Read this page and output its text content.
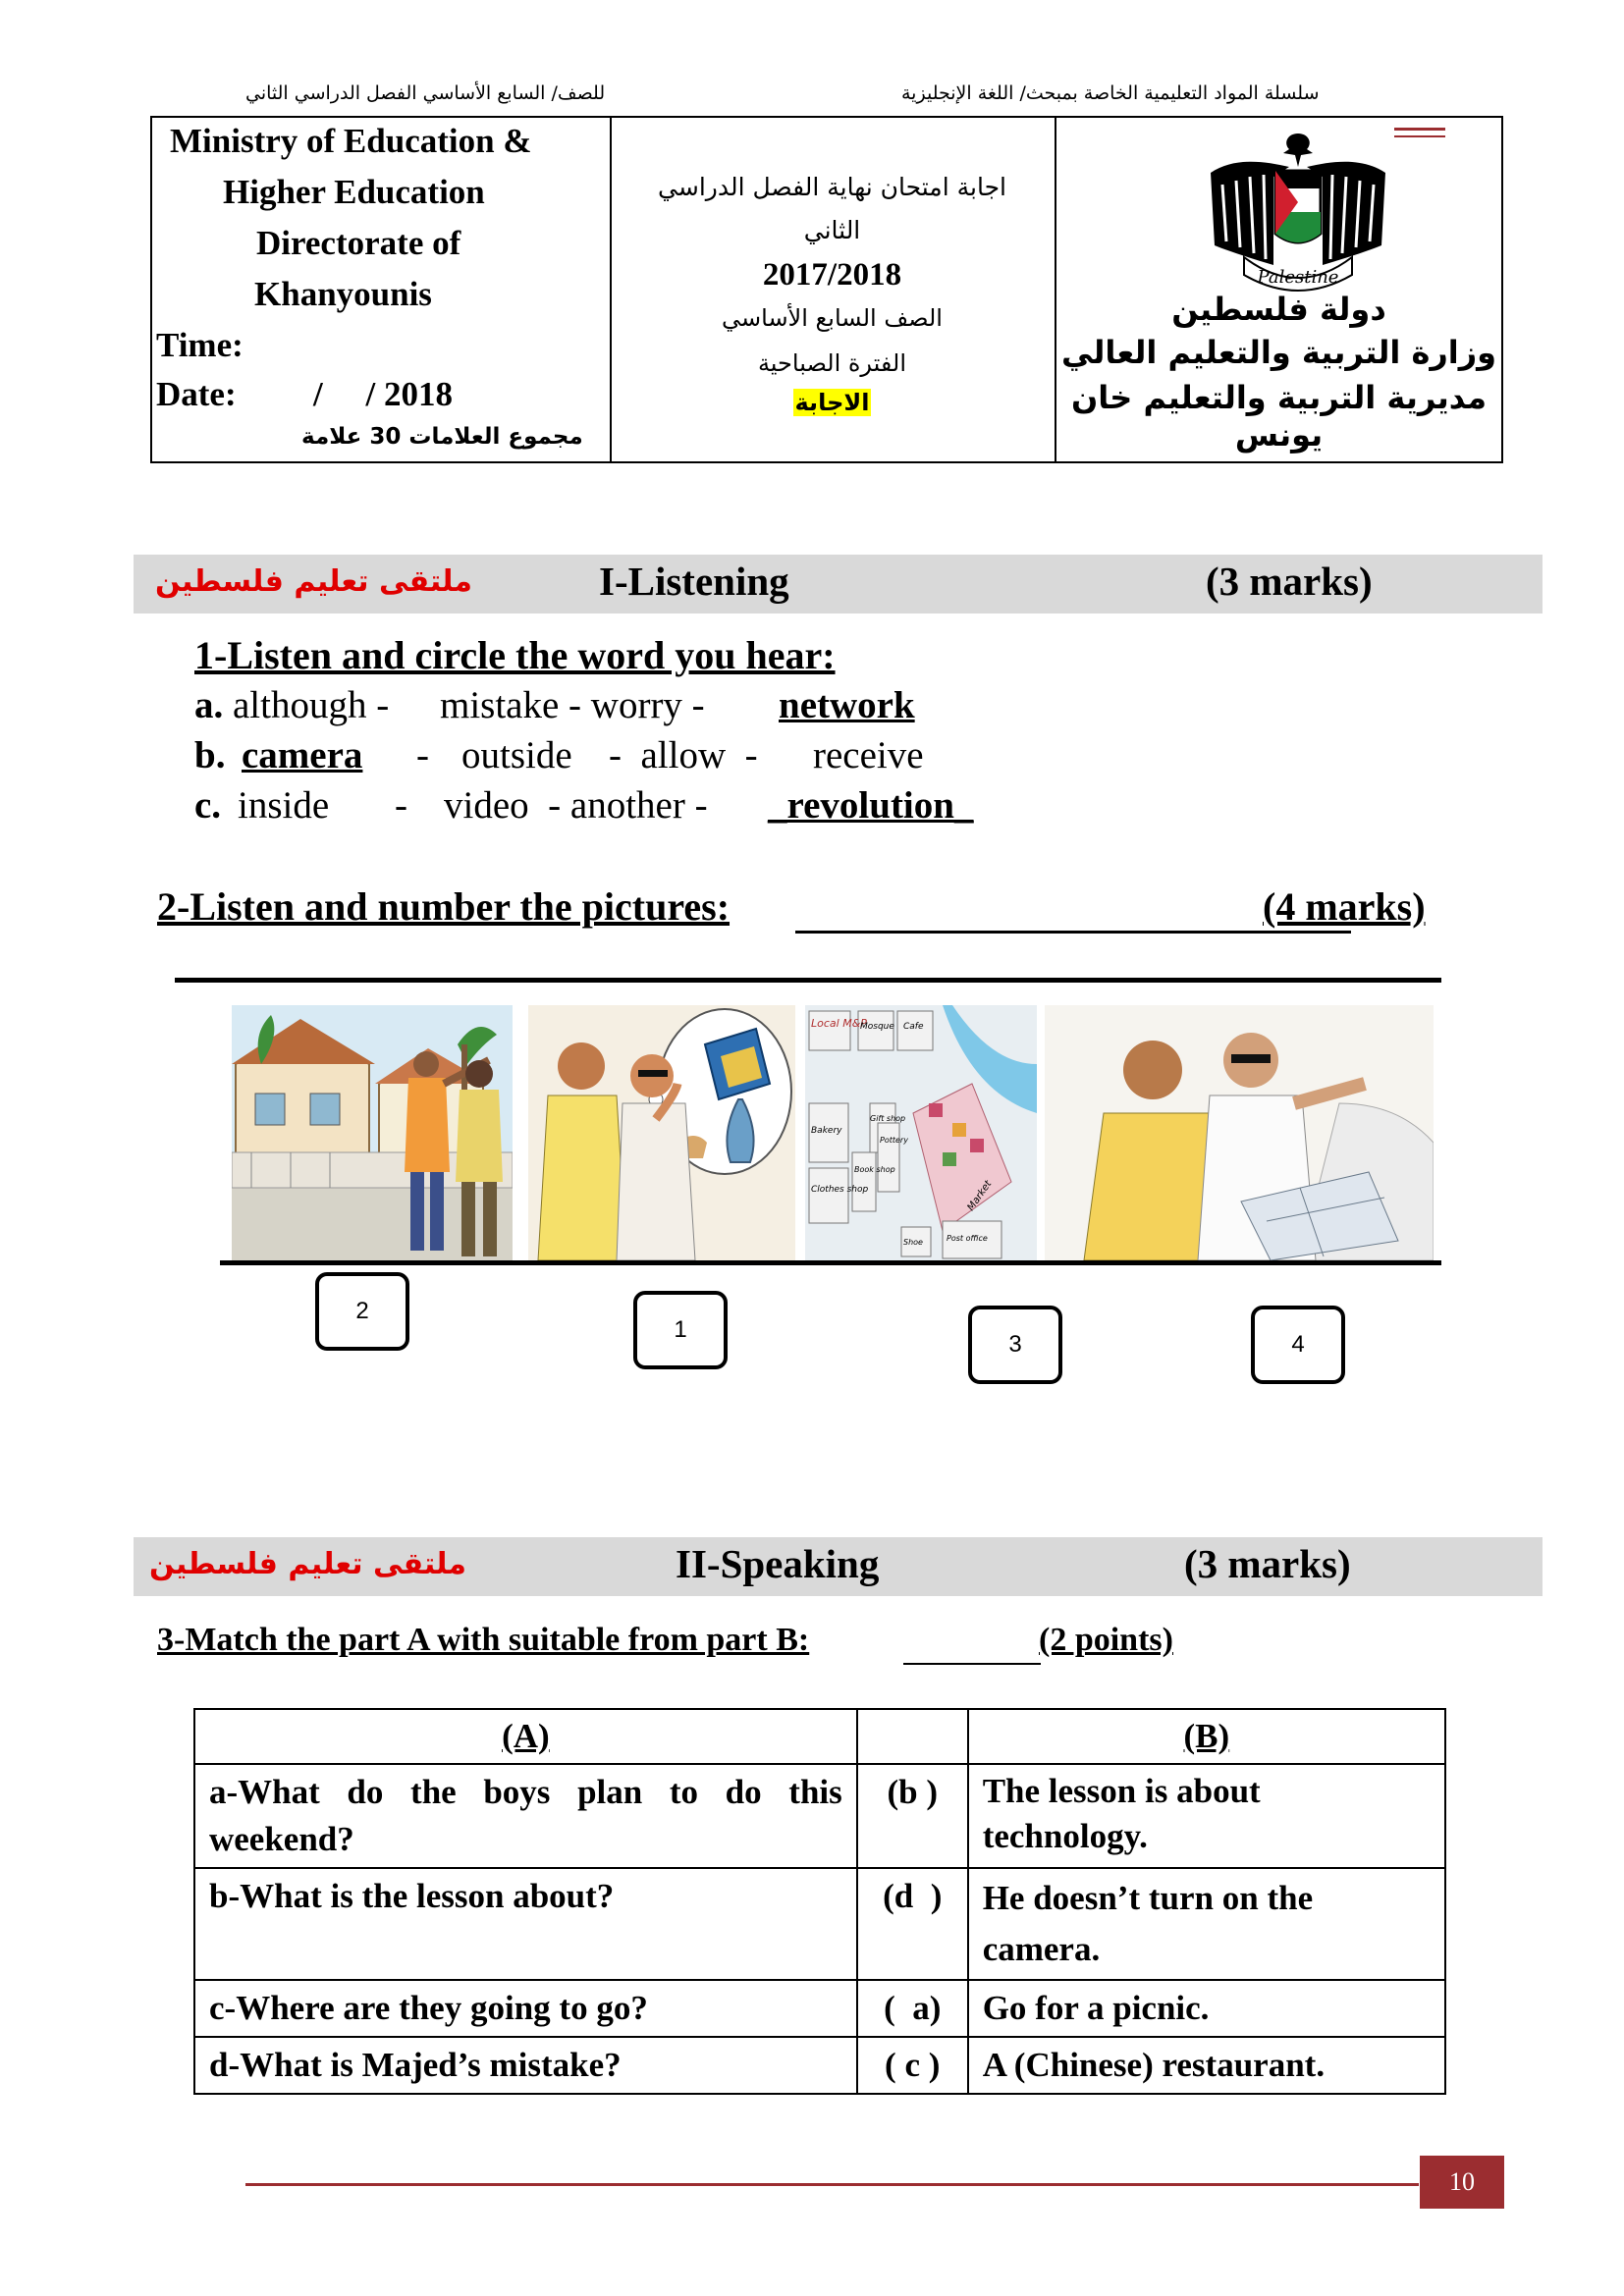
للصف/ السابع الأساسي الفصل الدراسي الثاني	سلسلة المواد التعليمية الخاصة بمبحث/ اللغة الإنجليزية
Ministry of Education &
Higher Education
Directorate of
Khanyounis
Time:
Date: /     / 2018
مجموع العلامات 30 علامة
اجابة امتحان نهاية الفصل الدراسي
الثاني
2017/2018
الصف السابع الأساسي
الفترة الصباحية
الاجابة
Palestine
دولة فلسطين
وزارة التربية والتعليم العالي
مديرية التربية والتعليم خان يونس
ملتقى تعليم فلسطين	I-Listening	(3 marks)
1-Listen and circle the word you hear:
a. although - mistake - worry - network
b. camera - outside -  allow  - receive
c. inside - video  - another - _revolution_
2-Listen and number the pictures:	(4 marks)
Local M&P
Mosque Cafe
Bakery
Gift shop
Book shop
Pottery
Market
Clothes shop
Shoe	Post office
2
1
3	4
ملتقى تعليم فلسطين	II-Speaking	(3 marks)
3-Match the part A with suitable from part B:	(2 points)
(A)		(B)
a-What do the boys plan to do this weekend?	(b )	The lesson is about technology.
b-What is the lesson about?	(d  )	He doesn’t turn on the camera.
c-Where are they going to go?	(  a)	Go for a picnic.
d-What is Majed’s mistake?	( c )	A (Chinese) restaurant.
10
